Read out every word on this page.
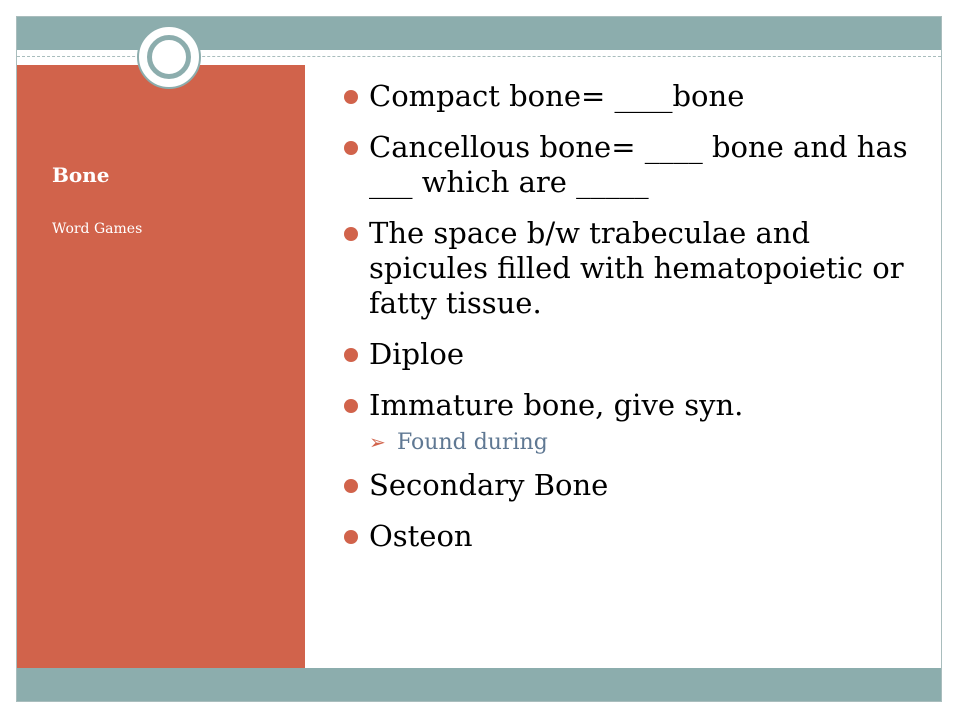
Bone
Word Games
Compact bone= ____bone
Cancellous bone= ____ bone and has ___ which are _____
The space b/w trabeculae and spicules filled with hematopoietic or fatty tissue.
Diploe
Immature bone, give syn.
➢ Found during
Secondary Bone
Osteon
